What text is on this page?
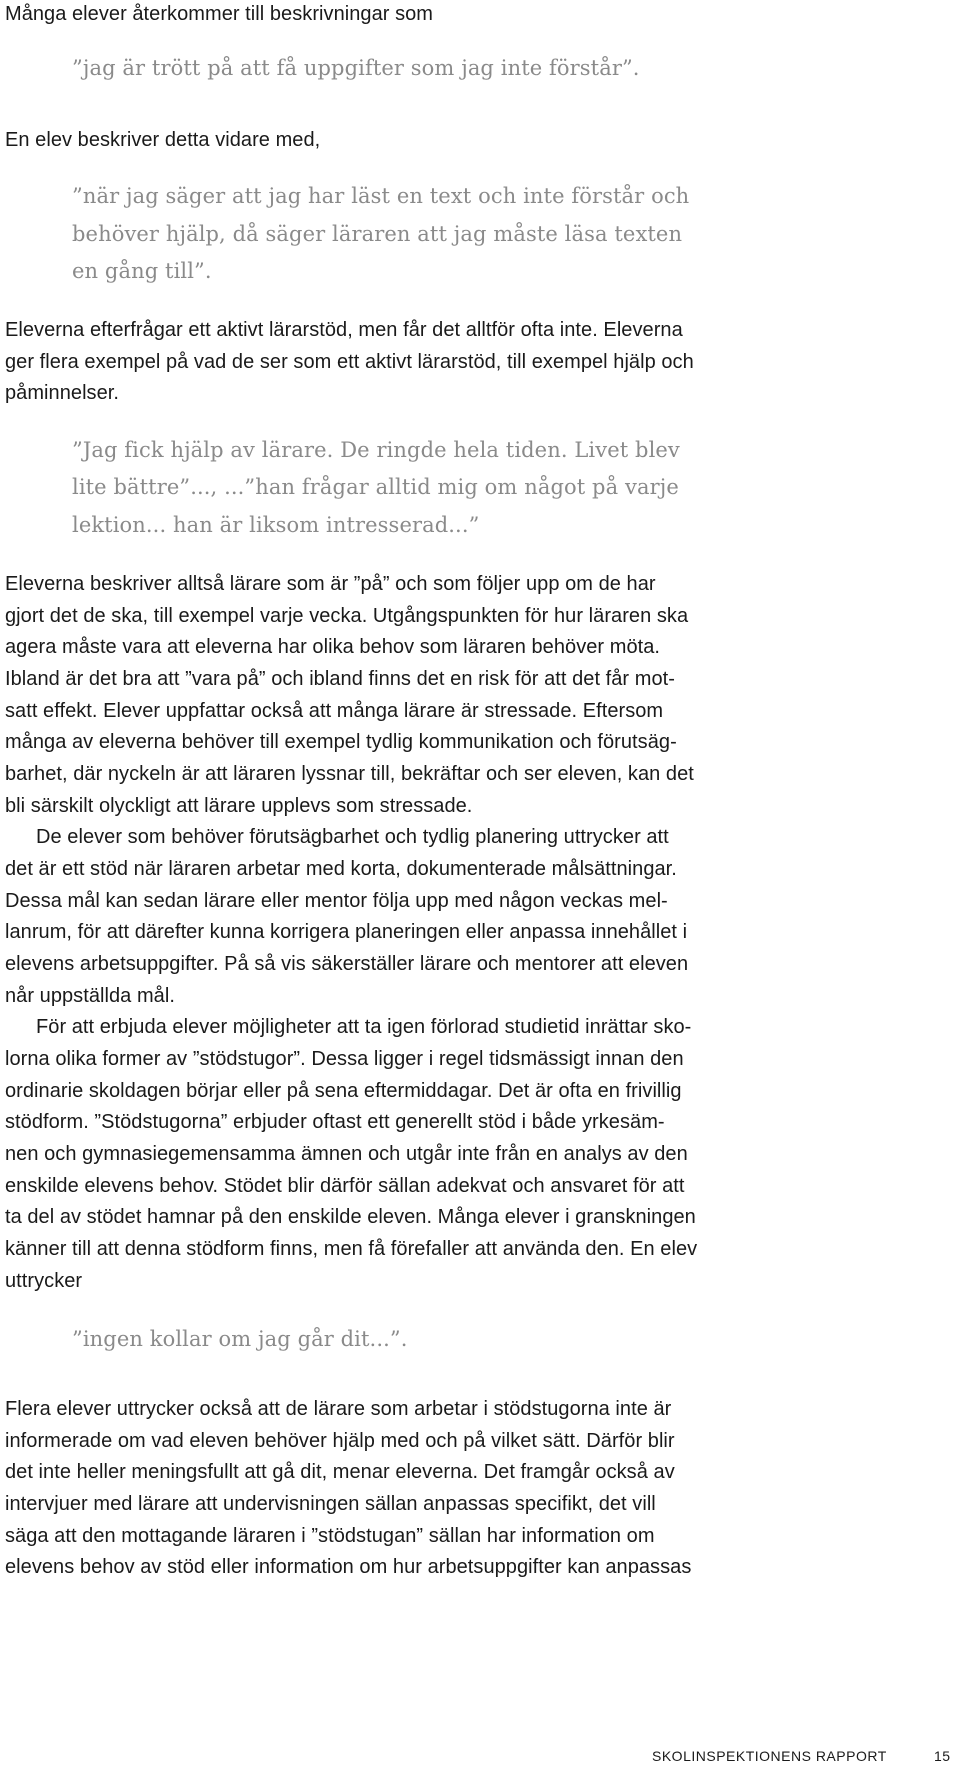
Många elever återkommer till beskrivningar som
”jag är trött på att få uppgifter som jag inte förstår”.
En elev beskriver detta vidare med,
”när jag säger att jag har läst en text och inte förstår och
behöver hjälp, då säger läraren att jag måste läsa texten
en gång till”.
Eleverna efterfrågar ett aktivt lärarstöd, men får det alltför ofta inte. Eleverna
ger flera exempel på vad de ser som ett aktivt lärarstöd, till exempel hjälp och
påminnelser.
”Jag fick hjälp av lärare. De ringde hela tiden. Livet blev
lite bättre”..., ...”han frågar alltid mig om något på varje
lektion... han är liksom intresserad...”
Eleverna beskriver alltså lärare som är ”på” och som följer upp om de har
gjort det de ska, till exempel varje vecka. Utgångspunkten för hur läraren ska
agera måste vara att eleverna har olika behov som läraren behöver möta.
Ibland är det bra att ”vara på” och ibland finns det en risk för att det får mot-
satt effekt. Elever uppfattar också att många lärare är stressade. Eftersom
många av eleverna behöver till exempel tydlig kommunikation och förutsäg-
barhet, där nyckeln är att läraren lyssnar till, bekräftar och ser eleven, kan det
bli särskilt olyckligt att lärare upplevs som stressade.
De elever som behöver förutsägbarhet och tydlig planering uttrycker att
det är ett stöd när läraren arbetar med korta, dokumenterade målsättningar.
Dessa mål kan sedan lärare eller mentor följa upp med någon veckas mel-
lanrum, för att därefter kunna korrigera planeringen eller anpassa innehållet i
elevens arbetsuppgifter. På så vis säkerställer lärare och mentorer att eleven
når uppställda mål.
För att erbjuda elever möjligheter att ta igen förlorad studietid inrättar sko-
lorna olika former av ”stödstugor”. Dessa ligger i regel tidsmässigt innan den
ordinarie skoldagen börjar eller på sena eftermiddagar. Det är ofta en frivillig
stödform. ”Stödstugorna” erbjuder oftast ett generellt stöd i både yrkesäm-
nen och gymnasiegemensamma ämnen och utgår inte från en analys av den
enskilde elevens behov. Stödet blir därför sällan adekvat och ansvaret för att
ta del av stödet hamnar på den enskilde eleven. Många elever i granskningen
känner till att denna stödform finns, men få förefaller att använda den. En elev
uttrycker
”ingen kollar om jag går dit...”.
Flera elever uttrycker också att de lärare som arbetar i stödstugorna inte är
informerade om vad eleven behöver hjälp med och på vilket sätt. Därför blir
det inte heller meningsfullt att gå dit, menar eleverna. Det framgår också av
intervjuer med lärare att undervisningen sällan anpassas specifikt, det vill
säga att den mottagande läraren i ”stödstugan” sällan har information om
elevens behov av stöd eller information om hur arbetsuppgifter kan anpassas
SKOLINSPEKTIONENS RAPPORT	15
